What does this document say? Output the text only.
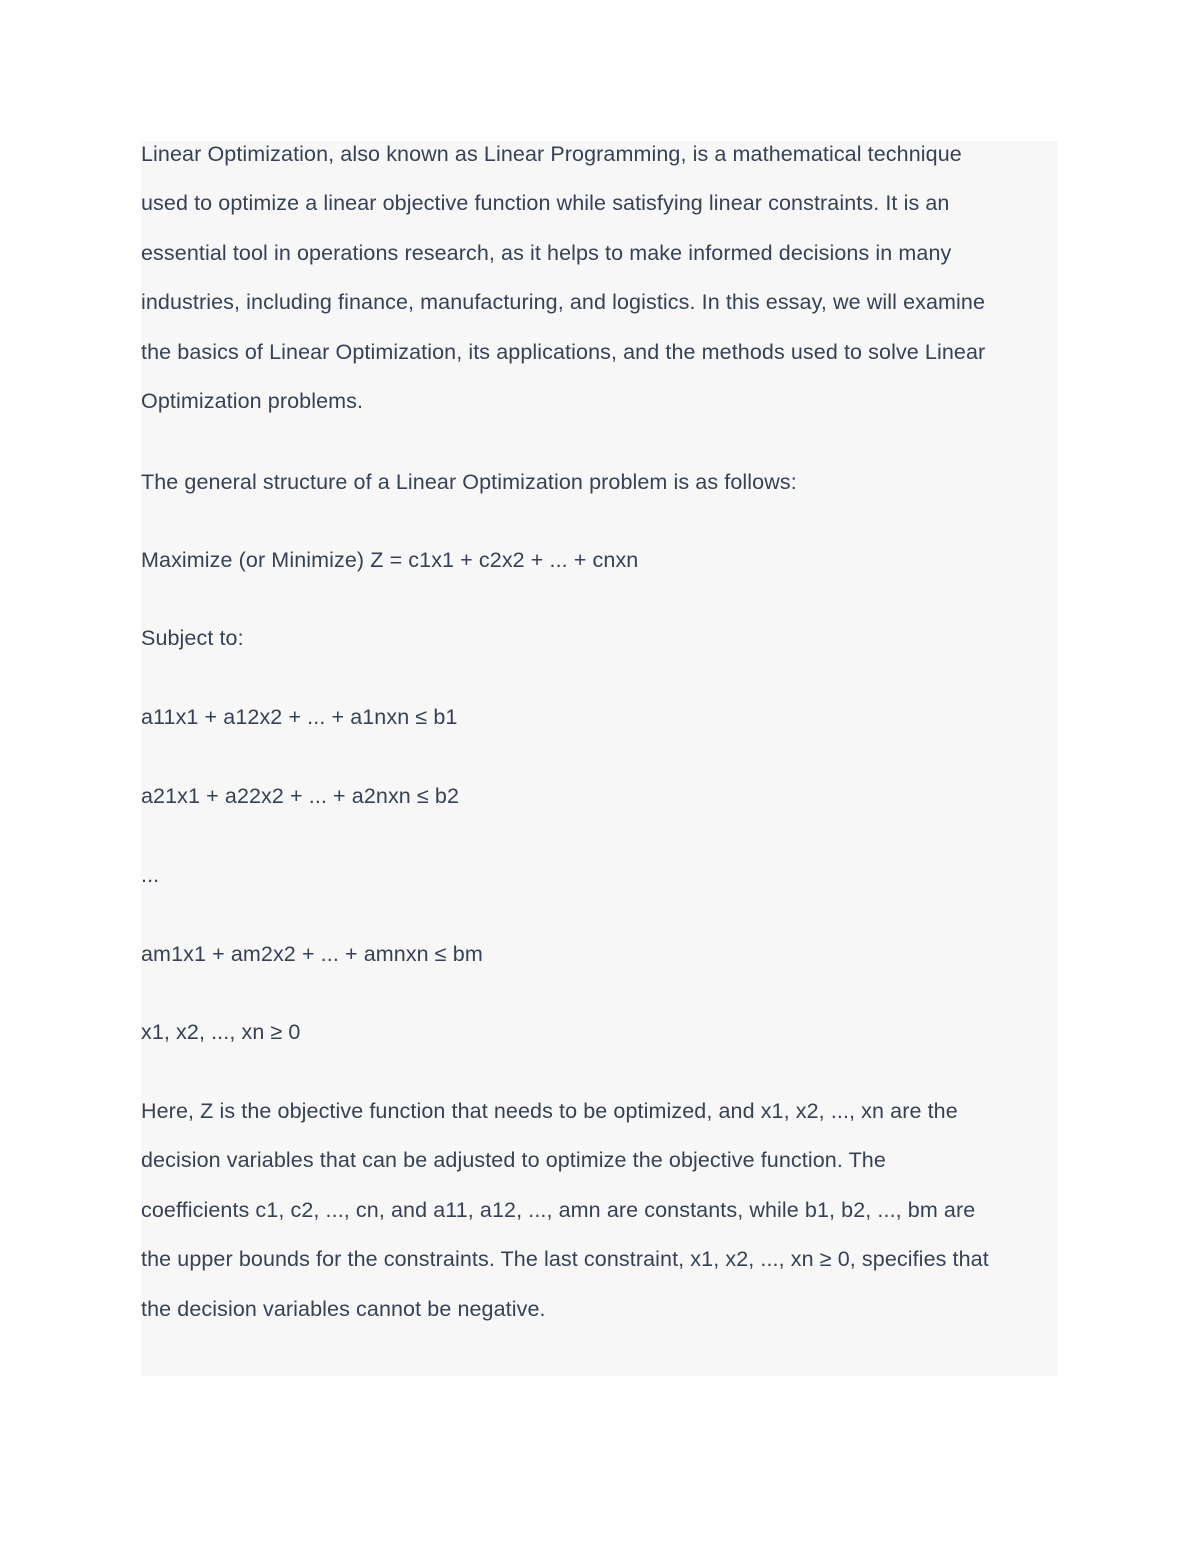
Linear Optimization, also known as Linear Programming, is a mathematical technique
used to optimize a linear objective function while satisfying linear constraints. It is an
essential tool in operations research, as it helps to make informed decisions in many
industries, including finance, manufacturing, and logistics. In this essay, we will examine
the basics of Linear Optimization, its applications, and the methods used to solve Linear
Optimization problems.

The general structure of a Linear Optimization problem is as follows:

Maximize (or Minimize) Z = c1x1 + c2x2 + ... + cnxn

Subject to:

a11x1 + a12x2 + ... + a1nxn ≤ b1

a21x1 + a22x2 + ... + a2nxn ≤ b2

...

am1x1 + am2x2 + ... + amnxn ≤ bm

x1, x2, ..., xn ≥ 0

Here, Z is the objective function that needs to be optimized, and x1, x2, ..., xn are the
decision variables that can be adjusted to optimize the objective function. The
coefficients c1, c2, ..., cn, and a11, a12, ..., amn are constants, while b1, b2, ..., bm are
the upper bounds for the constraints. The last constraint, x1, x2, ..., xn ≥ 0, specifies that
the decision variables cannot be negative.
